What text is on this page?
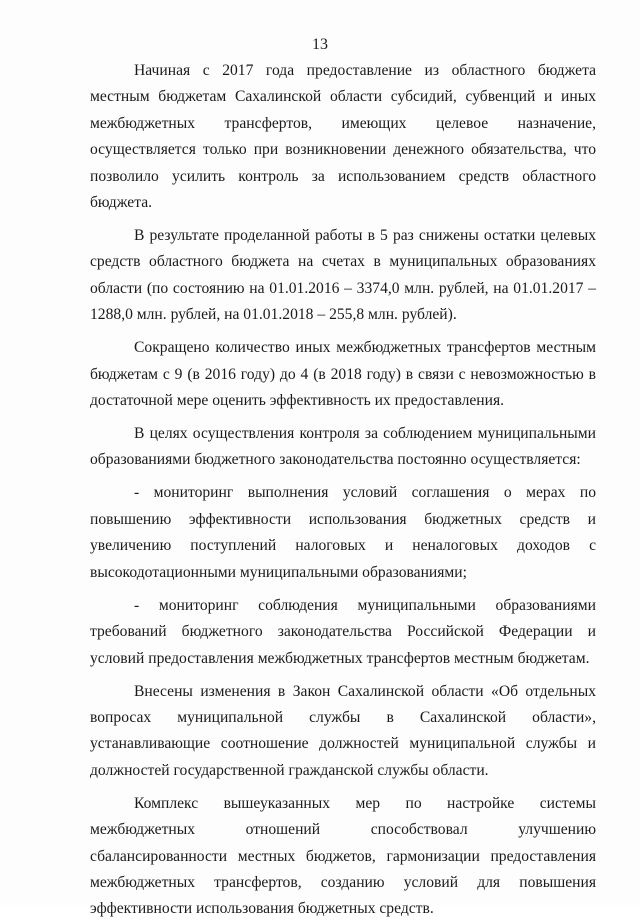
13

Начиная с 2017 года предоставление из областного бюджета местным бюджетам Сахалинской области субсидий, субвенций и иных межбюджетных трансфертов, имеющих целевое назначение, осуществляется только при возникновении денежного обязательства, что позволило усилить контроль за использованием средств областного бюджета.

В результате проделанной работы в 5 раз снижены остатки целевых средств областного бюджета на счетах в муниципальных образованиях области (по состоянию на 01.01.2016 – 3374,0 млн. рублей, на 01.01.2017 – 1288,0 млн. рублей, на 01.01.2018 – 255,8 млн. рублей).

Сокращено количество иных межбюджетных трансфертов местным бюджетам с 9 (в 2016 году) до 4 (в 2018 году) в связи с невозможностью в достаточной мере оценить эффективность их предоставления.

В целях осуществления контроля за соблюдением муниципальными образованиями бюджетного законодательства постоянно осуществляется:

- мониторинг выполнения условий соглашения о мерах по повышению эффективности использования бюджетных средств и увеличению поступлений налоговых и неналоговых доходов с высокодотационными муниципальными образованиями;

- мониторинг соблюдения муниципальными образованиями требований бюджетного законодательства Российской Федерации и условий предоставления межбюджетных трансфертов местным бюджетам.

Внесены изменения в Закон Сахалинской области «Об отдельных вопросах муниципальной службы в Сахалинской области», устанавливающие соотношение должностей муниципальной службы и должностей государственной гражданской службы области.

Комплекс вышеуказанных мер по настройке системы межбюджетных отношений способствовал улучшению сбалансированности местных бюджетов, гармонизации предоставления межбюджетных трансфертов, созданию условий для повышения эффективности использования бюджетных средств.
